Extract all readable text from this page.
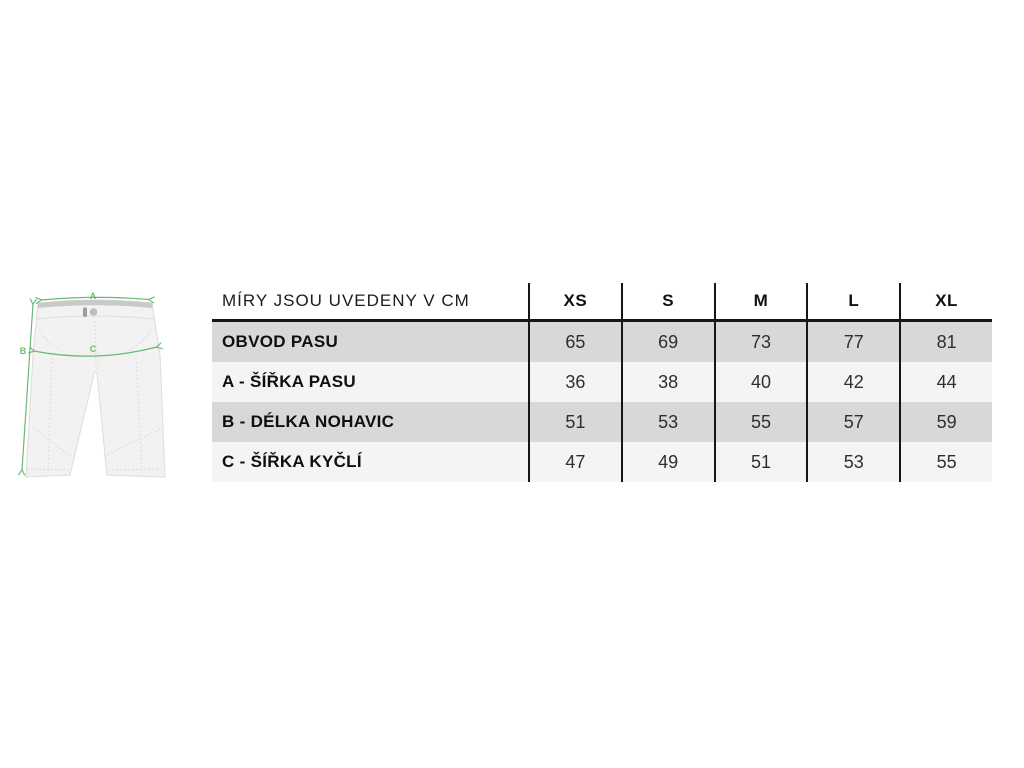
A
B	C
MÍRY JSOU UVEDENY V CM	XS	S	M	L	XL
OBVOD PASU	65	69	73	77	81
A - ŠÍŘKA PASU	36	38	40	42	44
B - DÉLKA NOHAVIC	51	53	55	57	59
C - ŠÍŘKA KYČLÍ	47	49	51	53	55
